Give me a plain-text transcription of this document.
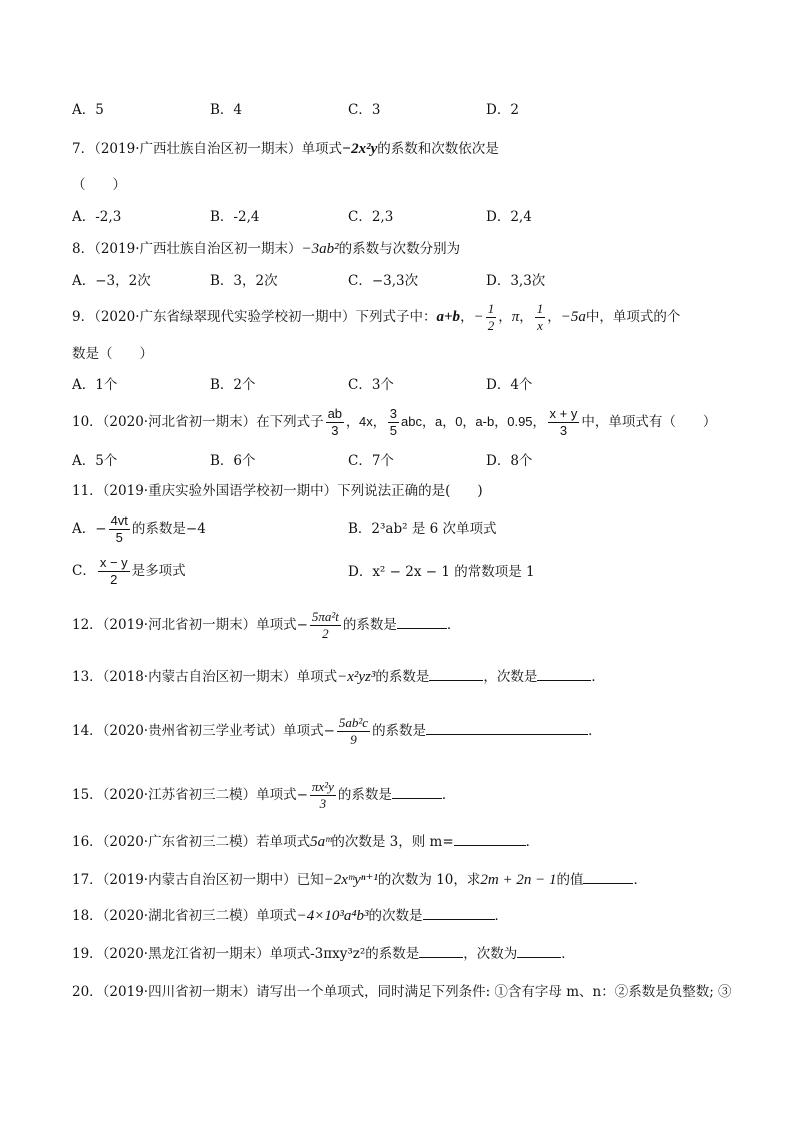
A．5	B．4	C．3	D．2
7．（2019·广西壮族自治区初一期末）单项式−2x²y的系数和次数依次是
（　　）
A．-2,3	B．-2,4	C．2,3	D．2,4
8．（2019·广西壮族自治区初一期末）−3ab²的系数与次数分别为
A．−3，2次	B．3，2次	C．−3,3次	D．3,3次
9．（2020·广东省绿翠现代实验学校初一期中）下列式子中：a+b，− $\frac{1}{2}$ ，π， $\frac{1}{x}$ ，−5a中，单项式的个
数是（　　）
A．1个	B．2个	C．3个	D．4个
10．（2020·河北省初一期末）在下列式子 $\frac{ab}{3}$ ，4x， $\frac{3}{5}$ abc，a，0，a-b，0.95， $\frac{x + y}{3}$ 中，单项式有（　　）
A．5个	B．6个	C．7个	D．8个
11．（2019·重庆实验外国语学校初一期中）下列说法正确的是(　　)
A．− $\frac{4vt}{5}$ 的系数是−4	B．2³ab² 是 6 次单项式
C． $\frac{x - y}{2}$ 是多项式	D．x² − 2x − 1 的常数项是 1
12．（2019·河北省初一期末）单项式− $\frac{\text{5πa²t}}{2}$ 的系数是	．
13．（2018·内蒙古自治区初一期末）单项式−x²yz³的系数是	，次数是	．
14．（2020·贵州省初三学业考试）单项式− $\frac{\text{5ab²c}}{9}$ 的系数是	．
15．（2020·江苏省初三二模）单项式− $\frac{\text{πx²y}}{3}$ 的系数是	．
16．（2020·广东省初三二模）若单项式5aᵐ的次数是 3，则 m=	．
17．（2019·内蒙古自治区初一期中）已知−2xᵐyⁿ⁺¹的次数为 10，求2m + 2n − 1的值	．
18．（2020·湖北省初三二模）单项式−4×10³a⁴b³的次数是	．
19．（2020·黑龙江省初一期末）单项式-3πxy³z²的系数是	，次数为	．
20．（2019·四川省初一期末）请写出一个单项式，同时满足下列条件: ①含有字母 m、n：②系数是负整数; ③
